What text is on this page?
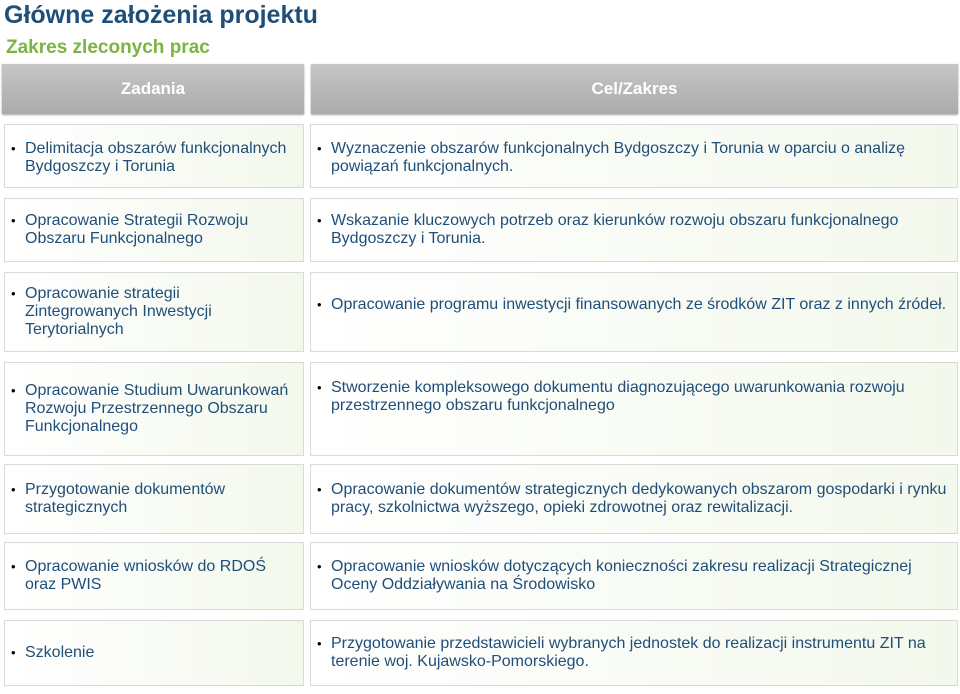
Główne założenia projektu
Zakres zleconych prac
Zadania	Cel/Zakres
• Delimitacja obszarów funkcjonalnych Bydgoszczy i Torunia
• Wyznaczenie obszarów funkcjonalnych Bydgoszczy i Torunia w oparciu o analizę powiązań funkcjonalnych.
• Opracowanie Strategii Rozwoju Obszaru Funkcjonalnego
• Wskazanie kluczowych potrzeb oraz kierunków rozwoju obszaru funkcjonalnego Bydgoszczy i Torunia.
• Opracowanie strategii Zintegrowanych Inwestycji Terytorialnych
• Opracowanie programu inwestycji finansowanych ze środków ZIT oraz z innych źródeł.
• Opracowanie Studium Uwarunkowań Rozwoju Przestrzennego Obszaru Funkcjonalnego
• Stworzenie kompleksowego dokumentu diagnozującego uwarunkowania rozwoju przestrzennego obszaru funkcjonalnego
• Przygotowanie dokumentów strategicznych
• Opracowanie dokumentów strategicznych dedykowanych obszarom gospodarki i rynku pracy, szkolnictwa wyższego, opieki zdrowotnej oraz rewitalizacji.
• Opracowanie wniosków do RDOŚ oraz PWIS
• Opracowanie wniosków dotyczących konieczności zakresu realizacji Strategicznej Oceny Oddziaływania na Środowisko
• Szkolenie
• Przygotowanie przedstawicieli wybranych jednostek do realizacji instrumentu ZIT na terenie woj. Kujawsko-Pomorskiego.
